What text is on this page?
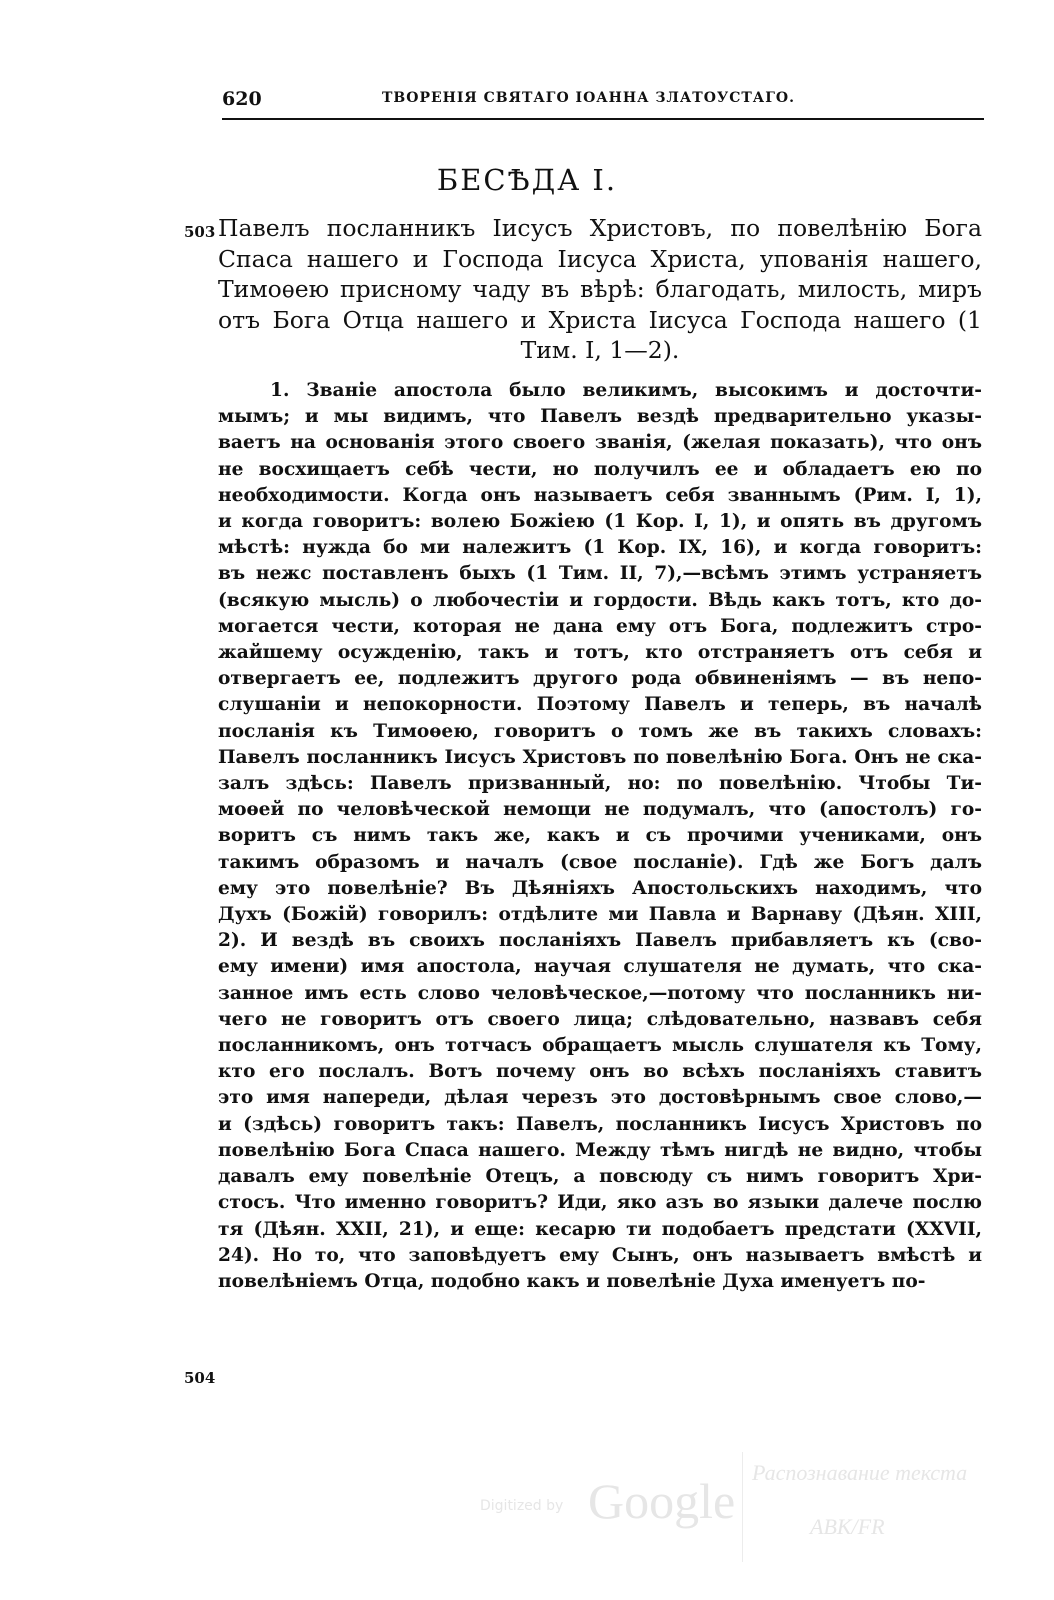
620	ТВОРЕНІЯ СВЯТАГО ІОАННА ЗЛАТОУСТАГО.
БЕСѢДА I.
503
504
Павелъ посланникъ Іисусъ Христовъ, по повелѣнію Бога Спаса нашего и Господа Іисуса Христа, упованія нашего, Тимоѳею присному чаду въ вѣрѣ: благодать, милость, миръ отъ Бога Отца нашего и Христа Іисуса Господа нашего (1 Тим. I, 1—2).
1. Званіе апостола было великимъ, высокимъ и досточти-
мымъ; и мы видимъ, что Павелъ вездѣ предварительно указы-
ваетъ на основанія этого своего званія, (желая показать), что онъ
не восхищаетъ себѣ чести, но получилъ ее и обладаетъ ею по
необходимости. Когда онъ называетъ себя званнымъ (Рим. I, 1),
и когда говоритъ: волею Божіею (1 Кор. I, 1), и опять въ другомъ
мѣстѣ: нужда бо ми належитъ (1 Кор. IX, 16), и когда говоритъ:
въ нежс поставленъ быхъ (1 Тим. II, 7),—всѣмъ этимъ устраняетъ
(всякую мысль) о любочестіи и гордости. Вѣдь какъ тотъ, кто до-
могается чести, которая не дана ему отъ Бога, подлежитъ стро-
жайшему осужденію, такъ и тотъ, кто отстраняетъ отъ себя и
отвергаетъ ее, подлежитъ другого рода обвиненіямъ — въ непо-
слушаніи и непокорности. Поэтому Павелъ и теперь, въ началѣ
посланія къ Тимоѳею, говоритъ о томъ же въ такихъ словахъ:
Павелъ посланникъ Іисусъ Христовъ по повелѣнію Бога. Онъ не ска-
залъ здѣсь: Павелъ призванный, но: по повелѣнію. Чтобы Ти-
моѳей по человѣческой немощи не подумалъ, что (апостолъ) го-
воритъ съ нимъ такъ же, какъ и съ прочими учениками, онъ
такимъ образомъ и началъ (свое посланіе). Гдѣ же Богъ далъ
ему это повелѣніе? Въ Дѣяніяхъ Апостольскихъ находимъ, что
Духъ (Божій) говорилъ: отдѣлите ми Павла и Варнаву (Дѣян. XIII,
2). И вездѣ въ своихъ посланіяхъ Павелъ прибавляетъ къ (сво-
ему имени) имя апостола, научая слушателя не думать, что ска-
занное имъ есть слово человѣческое,—потому что посланникъ ни-
чего не говоритъ отъ своего лица; слѣдовательно, назвавъ себя
посланникомъ, онъ тотчасъ обращаетъ мысль слушателя къ Тому,
кто его послалъ. Вотъ почему онъ во всѣхъ посланіяхъ ставитъ
это имя напереди, дѣлая черезъ это достовѣрнымъ свое слово,—
и (здѣсь) говоритъ такъ: Павелъ, посланникъ Іисусъ Христовъ по
повелѣнію Бога Спаса нашего. Между тѣмъ нигдѣ не видно, чтобы
давалъ ему повелѣніе Отецъ, а повсюду съ нимъ говоритъ Хри-
стосъ. Что именно говоритъ? Иди, яко азъ во языки далече послю
тя (Дѣян. XXII, 21), и еще: кесарю ти подобаетъ предстати (XXVII,
24). Но то, что заповѣдуетъ ему Сынъ, онъ называетъ вмѣстѣ и
повелѣніемъ Отца, подобно какъ и повелѣніе Духа именуетъ по-
Digitized by Google
Распознавание текста
ABK/FR
